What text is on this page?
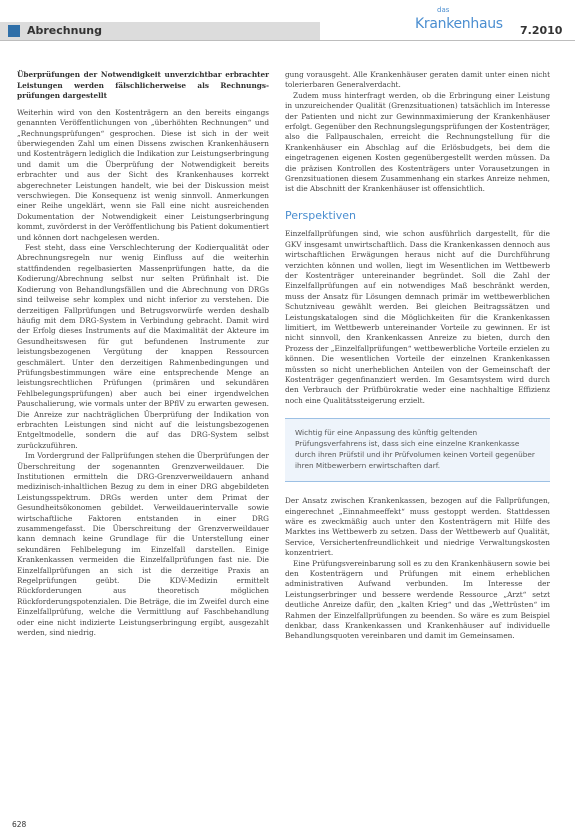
Abrechnung
das
Krankenhaus 7.2010
Überprüfungen der Notwendigkeit unverzichtbar erbrachter Leistungen werden fälschlicherweise als Rechnungs-prüfungen dargestellt

Weiterhin wird von den Kostenträgern an den bereits eingangs genannten Veröffentlichungen von „überhöhten Rechnungen“ und „Rechnungsprüfungen“ gesprochen. Diese ist sich in der weit überwiegenden Zahl um einen Dissens zwischen Krankenhäusern und Kostenträgern lediglich die Indikation zur Leistungserbringung und damit um die Überprüfung der Notwendigkeit bereits erbrachter und aus der Sicht des Krankenhauses korrekt abgerechneter Leistungen handelt, wie bei der Diskussion meist verschwiegen. Die Konsequenz ist wenig sinnvoll. Anmerkungen einer Reihe ungeklärt, wenn sie Fall eine nicht ausreichenden Dokumentation der Notwendigkeit einer Leistungserbringung kommt, zuvörderst in der Veröffentlichung bis Patient dokumentiert und können dort nachgelesen werden.

Fest steht, dass eine Verschlechterung der Kodierqualität oder Abrechnungsregeln nur wenig Einfluss auf die weiterhin stattfindenden regelbasierten Massenprüfungen hatte, da die Kodierung/Abrechnung selbst nur selten Prüfinhalt ist. Die Kodierung von Behandlungsfällen und die Abrechnung von DRGs sind teilweise sehr komplex und nicht inferior zu verstehen. Die derzeitigen Fallprüfungen und Betrugsvorwürfe werden deshalb häufig mit dem DRG-System in Verbindung gebracht. Damit wird der Erfolg dieses Instruments auf die Maximalität der Akteure im Gesundheitswesen für gut befundenen Instrumente zur leistungsbezogenen Vergütung der knappen Ressourcen geschmälert. Unter den derzeitigen Rahmenbedingungen und Prüfungsbestimmungen wäre eine entsprechende Menge an leistungsrechtlichen Prüfungen (primären und sekundären Fehlbelegungsprüfungen) aber auch bei einer irgendwelchen Pauschalierung, wie vormals unter der BPflV zu erwarten gewesen. Die Anreize zur nachträglichen Überprüfung der Indikation von erbrachten Leistungen sind nicht auf die leistungsbezogenen Entgeltmodelle, sondern die auf das DRG-System selbst zurückzuführen.

Im Vordergrund der Fallprüfungen stehen die Überprüfungen der Überschreitung der sogenannten Grenzverweildauer. Die Institutionen ermitteln die DRG-Grenzverweildauern anhand medizinisch-inhaltlichen Bezug zu dem in einer DRG abgebildeten Leistungsspektrum. DRGs werden unter dem Primat der Gesundheitsökonomen gebildet. Verweildauerintervalle sowie wirtschaftliche Faktoren entstanden in einer DRG zusammengefasst. Die Überschreitung der Grenzverweildauer kann demnach keine Grundlage für die Unterstellung einer sekundären Fehlbelegung im Einzelfall darstellen. Einige Krankenkassen vermeiden die Einzelfallprüfungen fast nie. Die Einzelfallprüfungen an sich ist die derzeitige Praxis an Regelprüfungen geübt. Die KDV-Medizin ermittelt Rückforderungen aus theoretisch möglichen Rückforderungspotenzialen. Die Beträge, die im Zweifel durch eine Einzelfallprüfung, welche die Vermittlung auf Faschbehandlung oder eine nicht indizierte Leistungserbringung ergibt, ausgezahlt werden, sind niedrig.

gung vorausgeht. Alle Krankenhäuser geraten damit unter einen nicht tolerierbaren Generalverdacht.

Zudem muss hinterfragt werden, ob die Erbringung einer Leistung in unzureichender Qualität (Grenzsituationen) tatsächlich im Interesse der Patienten und nicht zur Gewinnmaximierung der Krankenhäuser erfolgt. Gegenüber den Rechnungslegungsprüfungen der Kostenträger, also die Fallpauschalen, erreicht die Rechnungstellung für die Krankenhäuser ein Abschlag auf die Erlösbudgets, bei dem die eingetragenen eigenen Kosten gegenübergestellt werden müssen. Da die präzisen Kontrollen des Kostenträgers unter Vorausetzungen in Grenzsituationen diesem Zusammenhang ein starkes Anreize nehmen, ist die Abschnitt der Krankenhäuser ist offensichtlich.

Perspektiven

Einzelfallprüfungen sind, wie schon ausführlich dargestellt, für die GKV insgesamt unwirtschaftlich. Dass die Krankenkassen dennoch aus wirtschaftlichen Erwägungen heraus nicht auf die Durchführung verzichten können und wollen, liegt im Wesentlichen im Wettbewerb der Kostenträger untereinander begründet. Soll die Zahl der Einzelfallprüfungen auf ein notwendiges Maß beschränkt werden, muss der Ansatz für Lösungen demnach primär im wettbewerblichen Schutzniveau gewählt werden. Bei gleichen Beitragssätzen und Leistungskatalogen sind die Möglichkeiten für die Krankenkassen limitiert, im Wettbewerb untereinander Vorteile zu gewinnen. Er ist nicht sinnvoll, den Krankenkassen Anreize zu bieten, durch den Prozess der „Einzelfallprüfungen“ wettbewerbliche Vorteile erzielen zu können. Die wesentlichen Vorteile der einzelnen Krankenkassen müssten so nicht unerheblichen Anteilen von der Gemeinschaft der Kostenträger gegenfinanziert werden. Im Gesamtsystem wird durch den Verbrauch der Prüfbürokratie weder eine nachhaltige Effizienz noch eine Qualitätssteigerung erzielt.

Wichtig für eine Anpassung des künftig geltenden Prüfungsverfahrens ist, dass sich eine einzelne Krankenkasse durch ihren Prüfstil und ihr Prüfvolumen keinen Vorteil gegenüber ihren Mitbewerbern erwirtschaften darf.

Der Ansatz zwischen Krankenkassen, bezogen auf die Fallprüfungen, eingerechnet „Einnahmeeffekt“ muss gestoppt werden. Stattdessen wäre es zweckmäßig auch unter den Kostenträgern mit Hilfe des Marktes ins Wettbewerb zu setzen. Dass der Wettbewerb auf Qualität, Service, Versichertenfreundlichkeit und niedrige Verwaltungskosten konzentriert.

Eine Prüfungsvereinbarung soll es zu den Krankenhäusern sowie bei den Kostenträgern und Prüfungen mit einem erheblichen administrativen Aufwand verbunden. Im Interesse der Leistungserbringer und bessere werdende Ressource „Arzt“ setzt deutliche Anreize dafür, den „kalten Krieg“ und das „Wettrüsten“ im Rahmen der Einzelfallprüfungen zu beenden. So wäre es zum Beispiel denkbar, dass Krankenkassen und Krankenhäuser auf individuelle Behandlungsquoten vereinbaren und damit im Gemeinsamen.

628
